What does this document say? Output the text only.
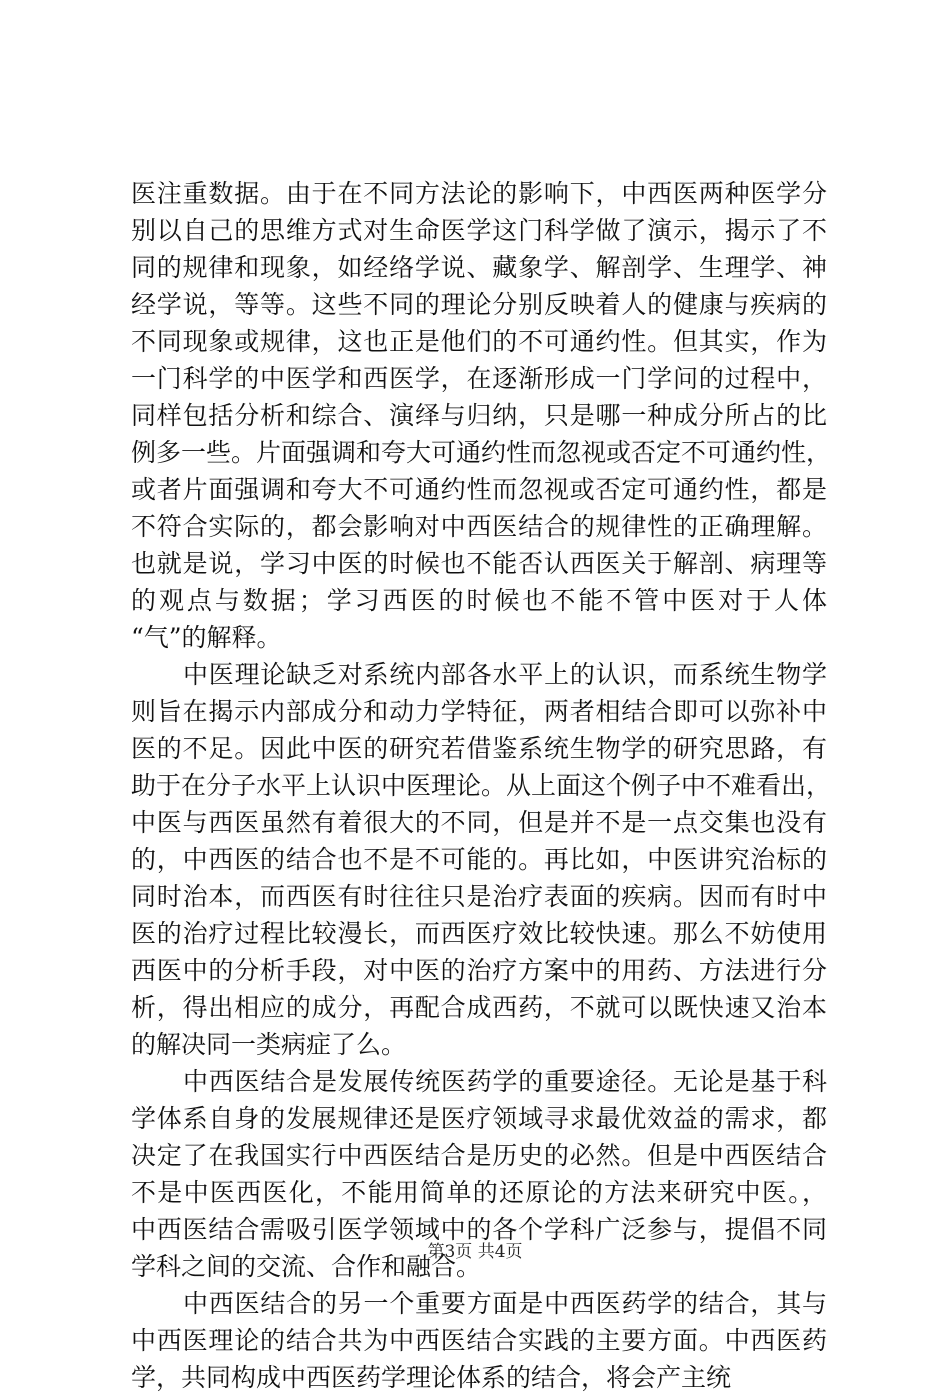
医注重数据。由于在不同方法论的影响下，中西医两种医学分
别以自己的思维方式对生命医学这门科学做了演示，揭示了不
同的规律和现象，如经络学说、藏象学、解剖学、生理学、神
经学说，等等。这些不同的理论分别反映着人的健康与疾病的
不同现象或规律，这也正是他们的不可通约性。但其实，作为
一门科学的中医学和西医学，在逐渐形成一门学问的过程中，
同样包括分析和综合、演绎与归纳，只是哪一种成分所占的比
例多一些。片面强调和夸大可通约性而忽视或否定不可通约性，
或者片面强调和夸大不可通约性而忽视或否定可通约性，都是
不符合实际的，都会影响对中西医结合的规律性的正确理解。
也就是说，学习中医的时候也不能否认西医关于解剖、病理等
的观点与数据；学习西医的时候也不能不管中医对于人体
“气”的解释。
中医理论缺乏对系统内部各水平上的认识，而系统生物学
则旨在揭示内部成分和动力学特征，两者相结合即可以弥补中
医的不足。因此中医的研究若借鉴系统生物学的研究思路，有
助于在分子水平上认识中医理论。从上面这个例子中不难看出，
中医与西医虽然有着很大的不同，但是并不是一点交集也没有
的，中西医的结合也不是不可能的。再比如，中医讲究治标的
同时治本，而西医有时往往只是治疗表面的疾病。因而有时中
医的治疗过程比较漫长，而西医疗效比较快速。那么不妨使用
西医中的分析手段，对中医的治疗方案中的用药、方法进行分
析，得出相应的成分，再配合成西药，不就可以既快速又治本
的解决同一类病症了么。
中西医结合是发展传统医药学的重要途径。无论是基于科
学体系自身的发展规律还是医疗领域寻求最优效益的需求，都
决定了在我国实行中西医结合是历史的必然。但是中西医结合
不是中医西医化，不能用简单的还原论的方法来研究中医。，
中西医结合需吸引医学领域中的各个学科广泛参与，提倡不同
学科之间的交流、合作和融合。
中西医结合的另一个重要方面是中西医药学的结合，其与
中西医理论的结合共为中西医结合实践的主要方面。中西医药
学，共同构成中西医药学理论体系的结合，将会产主统
第3页 共4页
